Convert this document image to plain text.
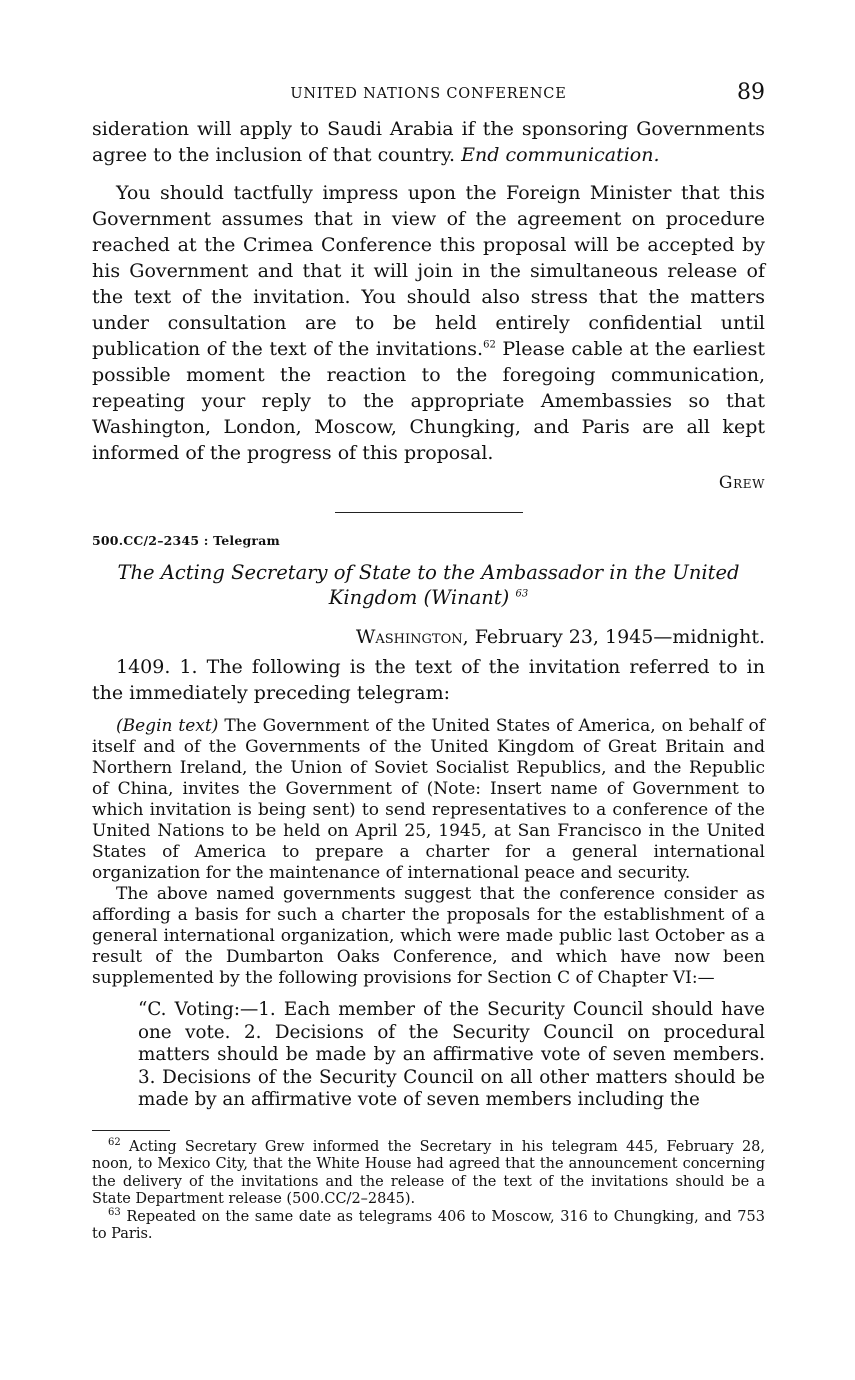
UNITED NATIONS CONFERENCE	89

sideration will apply to Saudi Arabia if the sponsoring Governments agree to the inclusion of that country. End communication.

You should tactfully impress upon the Foreign Minister that this Government assumes that in view of the agreement on procedure reached at the Crimea Conference this proposal will be accepted by his Government and that it will join in the simultaneous release of the text of the invitation. You should also stress that the matters under consultation are to be held entirely confidential until publication of the text of the invitations.$^{62}$ Please cable at the earliest possible moment the reaction to the foregoing communication, repeating your reply to the appropriate Amembassies so that Washington, London, Moscow, Chungking, and Paris are all kept informed of the progress of this proposal.

Grew
500.CC/2–2345 : Telegram
The Acting Secretary of State to the Ambassador in the United Kingdom (Winant) $^{63}$
Washington, February 23, 1945—midnight.

1409. 1. The following is the text of the invitation referred to in the immediately preceding telegram:

(Begin text) The Government of the United States of America, on behalf of itself and of the Governments of the United Kingdom of Great Britain and Northern Ireland, the Union of Soviet Socialist Republics, and the Republic of China, invites the Government of (Note: Insert name of Government to which invitation is being sent) to send representatives to a conference of the United Nations to be held on April 25, 1945, at San Francisco in the United States of America to prepare a charter for a general international organization for the maintenance of international peace and security.

The above named governments suggest that the conference consider as affording a basis for such a charter the proposals for the establishment of a general international organization, which were made public last October as a result of the Dumbarton Oaks Conference, and which have now been supplemented by the following provisions for Section C of Chapter VI:—

“C. Voting:—1. Each member of the Security Council should have one vote. 2. Decisions of the Security Council on procedural matters should be made by an affirmative vote of seven members. 3. Decisions of the Security Council on all other matters should be made by an affirmative vote of seven members including the

$^{62}$ Acting Secretary Grew informed the Secretary in his telegram 445, February 28, noon, to Mexico City, that the White House had agreed that the announcement concerning the delivery of the invitations and the release of the text of the invitations should be a State Department release (500.CC/2–2845).

$^{63}$ Repeated on the same date as telegrams 406 to Moscow, 316 to Chungking, and 753 to Paris.
